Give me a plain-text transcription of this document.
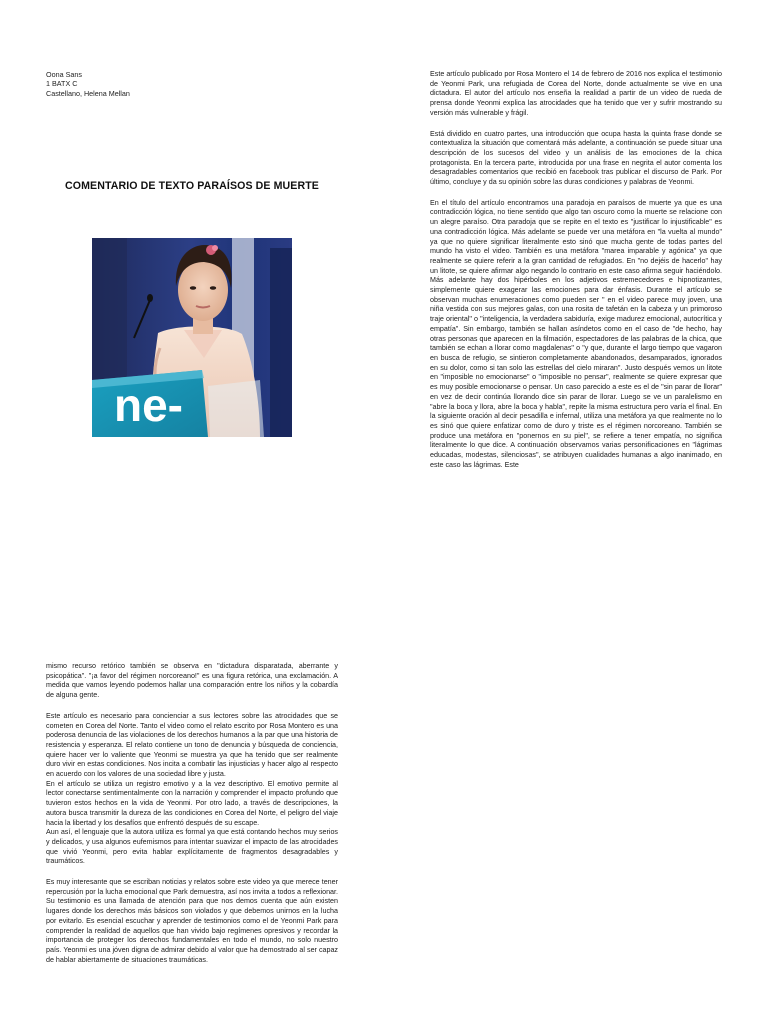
Oona Sans
1 BATX C
Castellano, Helena Mellan
COMENTARIO DE TEXTO PARAÍSOS DE MUERTE
ne-

Este artículo publicado por Rosa Montero el 14 de febrero de 2016 nos explica el testimonio de Yeonmi Park, una refugiada de Corea del Norte, donde actualmente se vive en una dictadura. El autor del artículo nos enseña la realidad a partir de un video de rueda de prensa donde Yeonmi explica las atrocidades que ha tenido que ver y sufrir mostrando su versión más vulnerable y frágil.

Está dividido en cuatro partes, una introducción que ocupa hasta la quinta frase donde se contextualiza la situación que comentará más adelante, a continuación se puede situar una descripción de los sucesos del video y un análisis de las emociones de la chica protagonista. En la tercera parte, introducida por una frase en negrita el autor comenta los desagradables comentarios que recibió en facebook tras publicar el discurso de Park. Por último, concluye y da su opinión sobre las duras condiciones y palabras de Yeonmi.

En el título del artículo encontramos una paradoja en paraísos de muerte ya que es una contradicción lógica, no tiene sentido que algo tan oscuro como la muerte se relacione con un alegre paraíso. Otra paradoja que se repite en el texto es "justificar lo injustificable" es una contradicción lógica. Más adelante se puede ver una metáfora en "la vuelta al mundo" ya que no quiere significar literalmente esto sinó que mucha gente de todas partes del mundo ha visto el video. También es una metáfora "marea imparable y agónica" ya que realmente se quiere referir a la gran cantidad de refugiados. En "no dejéis de hacerlo" hay un litote, se quiere afirmar algo negando lo contrario en este caso afirma seguir haciéndolo. Más adelante hay dos hipérboles en los adjetivos estremecedores e hipnotizantes, simplemente quiere exagerar las emociones para dar énfasis. Durante el artículo se observan muchas enumeraciones como pueden ser " en el video parece muy joven, una niña vestida con sus mejores galas, con una rosita de tafetán en la cabeza y un primoroso traje oriental" o "inteligencia, la verdadera sabiduría, exige madurez emocional, autocrítica y empatía". Sin embargo, también se hallan asíndetos como en el caso de "de hecho, hay otras personas que aparecen en la filmación, espectadores de las palabras de la chica, que también se echan a llorar como magdalenas" o "y que, durante el largo tiempo que vagaron en busca de refugio, se sintieron completamente abandonados, desamparados, ignorados en su dolor, como si tan solo las estrellas del cielo miraran". Justo después vemos un litote en "imposible no emocionarse" o "imposible no pensar", realmente se quiere expresar que es muy posible emocionarse o pensar. Un caso parecido a este es el de "sin parar de llorar" en vez de decir continúa llorando dice sin parar de llorar. Luego se ve un paralelismo en "abre la boca y llora, abre la boca y habla", repite la misma estructura pero varía el final. En la siguiente oración al decir pesadilla e infernal, utiliza una metáfora ya que realmente no lo es sinó que quiere enfatizar como de duro y triste es el régimen norcoreano. También se produce una metáfora en "ponernos en su piel", se refiere a tener empatía, no significa literalmente lo que dice. A continuación observamos varias personificaciones en "lágrimas educadas, modestas, silenciosas", se atribuyen cualidades humanas a algo inanimado, en este caso las lágrimas. Este

mismo recurso retórico también se observa en "dictadura disparatada, aberrante y psicopática". "¡a favor del régimen norcoreano!" es una figura retórica, una exclamación. A medida que vamos leyendo podemos hallar una comparación entre los niños y la cobardía de alguna gente.

Este artículo es necesario para concienciar a sus lectores sobre las atrocidades que se cometen en Corea del Norte. Tanto el video como el relato escrito por Rosa Montero es una poderosa denuncia de las violaciones de los derechos humanos a la par que una historia de resistencia y esperanza. El relato contiene un tono de denuncia y búsqueda de conciencia, quiere hacer ver lo valiente que Yeonmi se muestra ya que ha tenido que ser realmente duro vivir en estas condiciones. Nos incita a combatir las injusticias y hacer algo al respecto en acuerdo con los valores de una sociedad libre y justa.

En el artículo se utiliza un registro emotivo y a la vez descriptivo. El emotivo permite al lector conectarse sentimentalmente con la narración y comprender el impacto profundo que tuvieron estos hechos en la vida de Yeonmi. Por otro lado, a través de descripciones, la autora busca transmitir la dureza de las condiciones en Corea del Norte, el peligro del viaje hacia la libertad y los desafíos que enfrentó después de su escape.

Aun así, el lenguaje que la autora utiliza es formal ya que está contando hechos muy serios y delicados, y usa algunos eufemismos para intentar suavizar el impacto de las atrocidades que vivió Yeonmi, pero evita hablar explícitamente de fragmentos desagradables y traumáticos.

Es muy interesante que se escriban noticias y relatos sobre este video ya que merece tener repercusión por la lucha emocional que Park demuestra, así nos invita a todos a reflexionar. Su testimonio es una llamada de atención para que nos demos cuenta que aún existen lugares donde los derechos más básicos son violados y que debemos unirnos en la lucha por evitarlo. Es esencial escuchar y aprender de testimonios como el de Yeonmi Park para comprender la realidad de aquellos que han vivido bajo regímenes opresivos y recordar la importancia de proteger los derechos fundamentales en todo el mundo, no solo nuestro país. Yeonmi es una jóven digna de admirar debido al valor que ha demostrado al ser capaz de hablar abiertamente de situaciones traumáticas.
